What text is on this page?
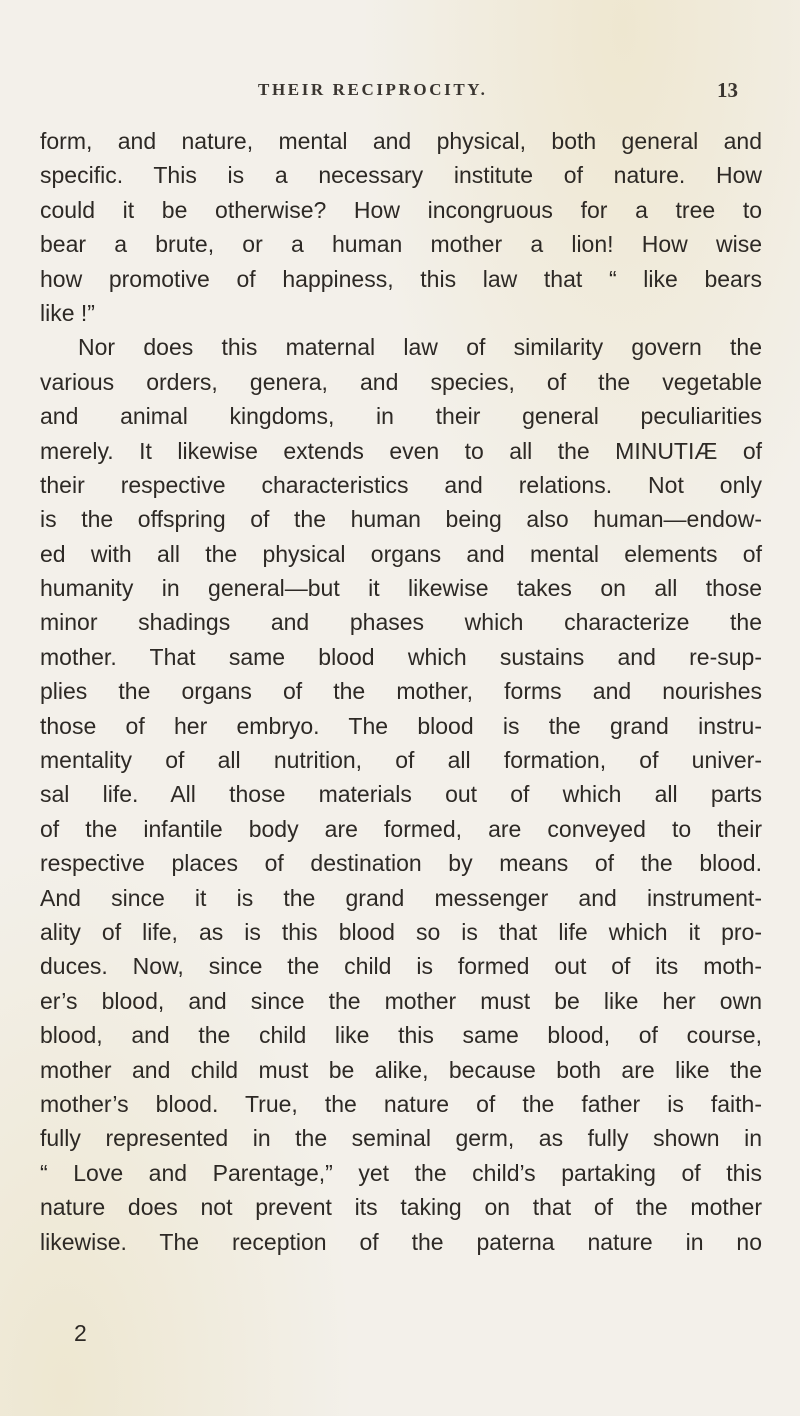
THEIR RECIPROCITY.	13
form, and nature, mental and physical, both general and
specific. This is a necessary institute of nature. How
could it be otherwise? How incongruous for a tree to
bear a brute, or a human mother a lion! How wise
how promotive of happiness, this law that “ like bears
like !”
Nor does this maternal law of similarity govern the
various orders, genera, and species, of the vegetable
and animal kingdoms, in their general peculiarities
merely. It likewise extends even to all the MINUTIÆ of
their respective characteristics and relations. Not only
is the offspring of the human being also human—endow-
ed with all the physical organs and mental elements of
humanity in general—but it likewise takes on all those
minor shadings and phases which characterize the
mother. That same blood which sustains and re-sup-
plies the organs of the mother, forms and nourishes
those of her embryo. The blood is the grand instru-
mentality of all nutrition, of all formation, of univer-
sal life. All those materials out of which all parts
of the infantile body are formed, are conveyed to their
respective places of destination by means of the blood.
And since it is the grand messenger and instrument-
ality of life, as is this blood so is that life which it pro-
duces. Now, since the child is formed out of its moth-
er’s blood, and since the mother must be like her own
blood, and the child like this same blood, of course,
mother and child must be alike, because both are like the
mother’s blood. True, the nature of the father is faith-
fully represented in the seminal germ, as fully shown in
“ Love and Parentage,” yet the child’s partaking of this
nature does not prevent its taking on that of the mother
likewise. The reception of the paterna nature in no
2
